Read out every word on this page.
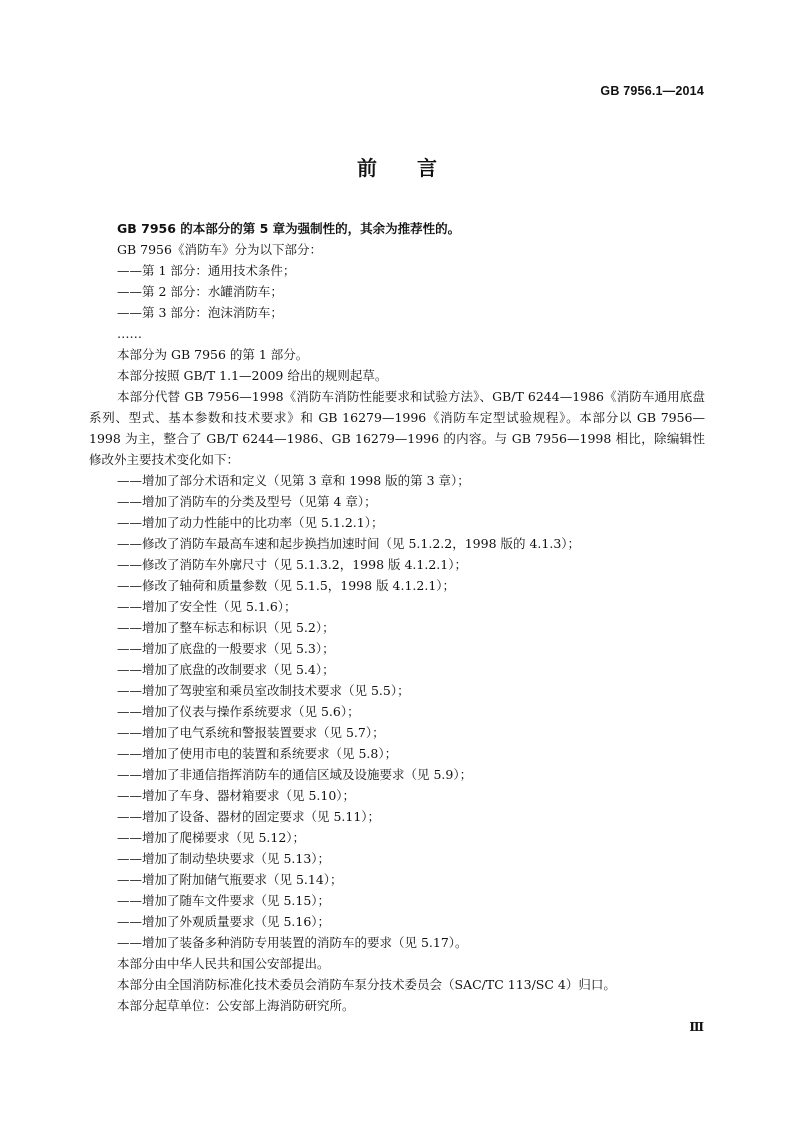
GB 7956.1—2014
前言

GB 7956 的本部分的第 5 章为强制性的，其余为推荐性的。

GB 7956《消防车》分为以下部分：

——第 1 部分：通用技术条件；

——第 2 部分：水罐消防车；

——第 3 部分：泡沫消防车；

……

本部分为 GB 7956 的第 1 部分。

本部分按照 GB/T 1.1—2009 给出的规则起草。

本部分代替 GB 7956—1998《消防车消防性能要求和试验方法》、GB/T 6244—1986《消防车通用底盘系列、型式、基本参数和技术要求》和 GB 16279—1996《消防车定型试验规程》。本部分以 GB 7956—1998 为主，整合了 GB/T 6244—1986、GB 16279—1996 的内容。与 GB 7956—1998 相比，除编辑性修改外主要技术变化如下：

——增加了部分术语和定义（见第 3 章和 1998 版的第 3 章）；

——增加了消防车的分类及型号（见第 4 章）；

——增加了动力性能中的比功率（见 5.1.2.1）；

——修改了消防车最高车速和起步换挡加速时间（见 5.1.2.2，1998 版的 4.1.3）；

——修改了消防车外廓尺寸（见 5.1.3.2，1998 版 4.1.2.1）；

——修改了轴荷和质量参数（见 5.1.5，1998 版 4.1.2.1）；

——增加了安全性（见 5.1.6）；

——增加了整车标志和标识（见 5.2）；

——增加了底盘的一般要求（见 5.3）；

——增加了底盘的改制要求（见 5.4）；

——增加了驾驶室和乘员室改制技术要求（见 5.5）；

——增加了仪表与操作系统要求（见 5.6）；

——增加了电气系统和警报装置要求（见 5.7）；

——增加了使用市电的装置和系统要求（见 5.8）；

——增加了非通信指挥消防车的通信区域及设施要求（见 5.9）；

——增加了车身、器材箱要求（见 5.10）；

——增加了设备、器材的固定要求（见 5.11）；

——增加了爬梯要求（见 5.12）；

——增加了制动垫块要求（见 5.13）；

——增加了附加储气瓶要求（见 5.14）；

——增加了随车文件要求（见 5.15）；

——增加了外观质量要求（见 5.16）；

——增加了装备多种消防专用装置的消防车的要求（见 5.17）。

本部分由中华人民共和国公安部提出。

本部分由全国消防标准化技术委员会消防车泵分技术委员会（SAC/TC 113/SC 4）归口。

本部分起草单位：公安部上海消防研究所。

Ⅲ
